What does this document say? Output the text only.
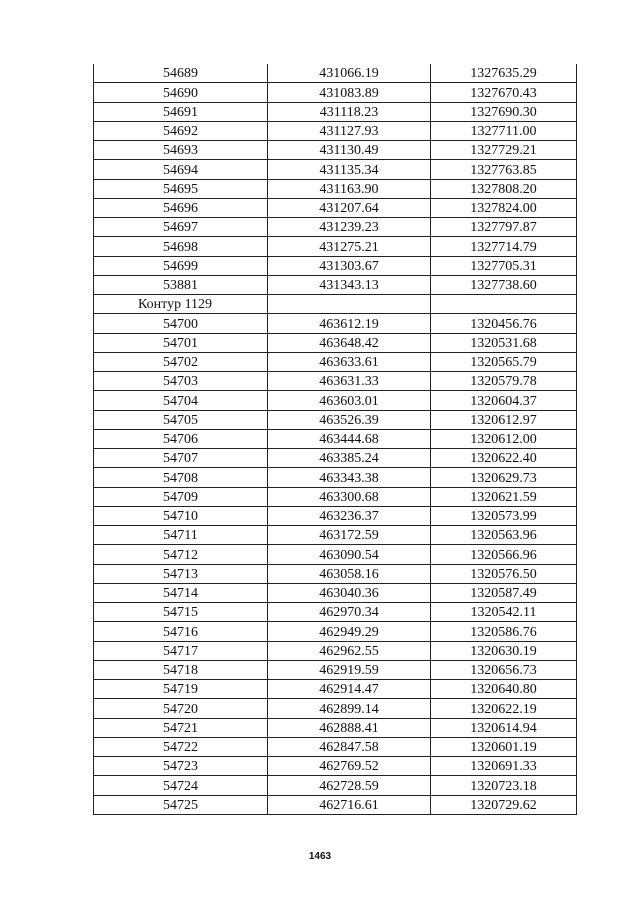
54689	431066.19	1327635.29
54690	431083.89	1327670.43
54691	431118.23	1327690.30
54692	431127.93	1327711.00
54693	431130.49	1327729.21
54694	431135.34	1327763.85
54695	431163.90	1327808.20
54696	431207.64	1327824.00
54697	431239.23	1327797.87
54698	431275.21	1327714.79
54699	431303.67	1327705.31
53881	431343.13	1327738.60
Контур 1129		
54700	463612.19	1320456.76
54701	463648.42	1320531.68
54702	463633.61	1320565.79
54703	463631.33	1320579.78
54704	463603.01	1320604.37
54705	463526.39	1320612.97
54706	463444.68	1320612.00
54707	463385.24	1320622.40
54708	463343.38	1320629.73
54709	463300.68	1320621.59
54710	463236.37	1320573.99
54711	463172.59	1320563.96
54712	463090.54	1320566.96
54713	463058.16	1320576.50
54714	463040.36	1320587.49
54715	462970.34	1320542.11
54716	462949.29	1320586.76
54717	462962.55	1320630.19
54718	462919.59	1320656.73
54719	462914.47	1320640.80
54720	462899.14	1320622.19
54721	462888.41	1320614.94
54722	462847.58	1320601.19
54723	462769.52	1320691.33
54724	462728.59	1320723.18
54725	462716.61	1320729.62
1463
